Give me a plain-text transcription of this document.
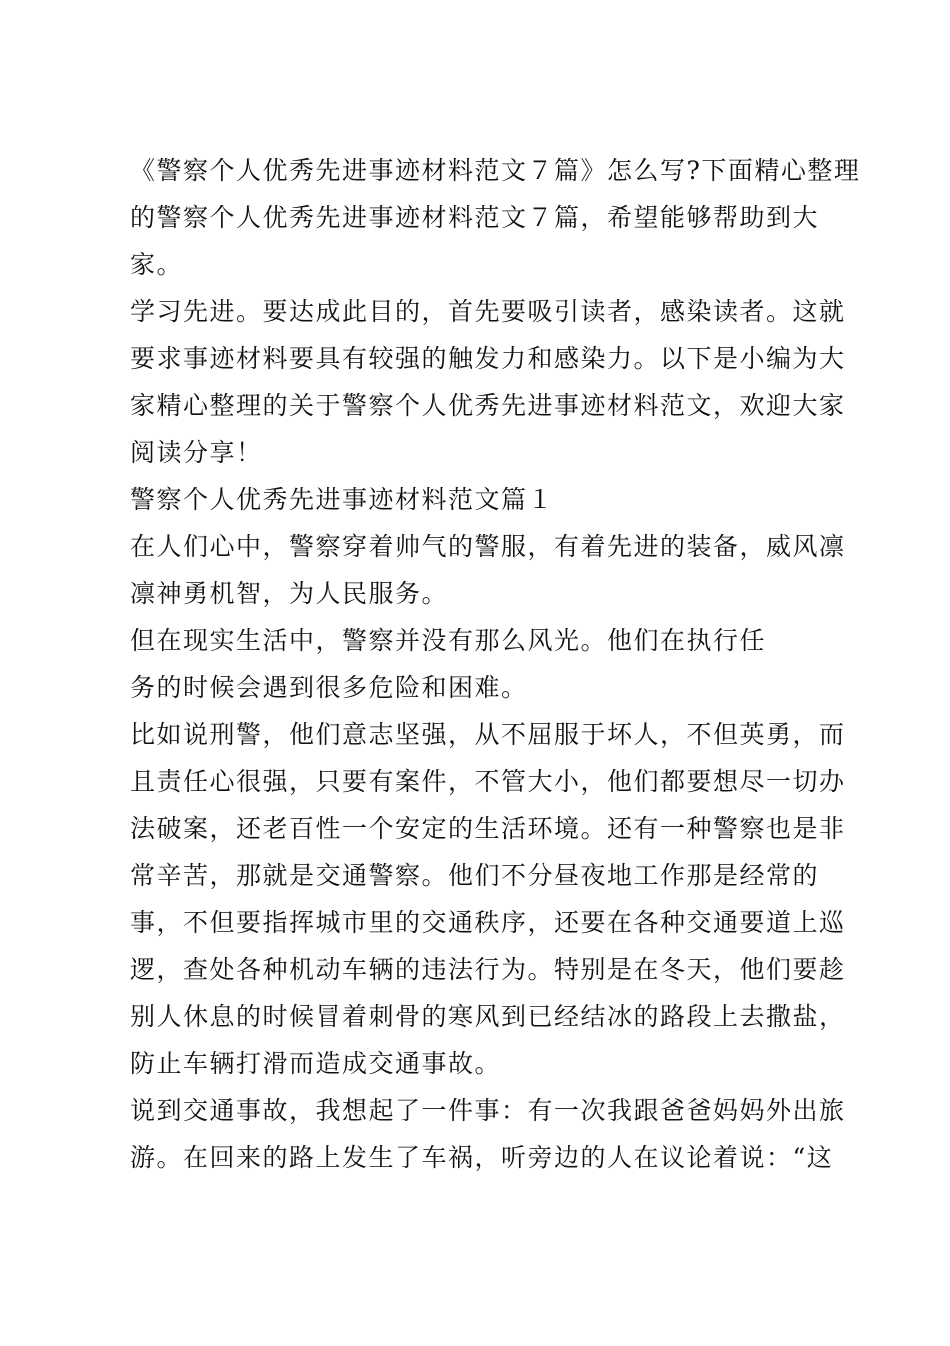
《警察个人优秀先进事迹材料范文７篇》怎么写?下面精心整理

的警察个人优秀先进事迹材料范文７篇，希望能够帮助到大

家。

学习先进。要达成此目的，首先要吸引读者，感染读者。这就

要求事迹材料要具有较强的触发力和感染力。以下是小编为大

家精心整理的关于警察个人优秀先进事迹材料范文，欢迎大家

阅读分享！

警察个人优秀先进事迹材料范文篇１

在人们心中，警察穿着帅气的警服，有着先进的装备，威风凛

凛神勇机智，为人民服务。

但在现实生活中，警察并没有那么风光。他们在执行任

务的时候会遇到很多危险和困难。

比如说刑警，他们意志坚强，从不屈服于坏人，不但英勇，而

且责任心很强，只要有案件，不管大小，他们都要想尽一切办

法破案，还老百性一个安定的生活环境。还有一种警察也是非

常辛苦，那就是交通警察。他们不分昼夜地工作那是经常的

事，不但要指挥城市里的交通秩序，还要在各种交通要道上巡

逻，查处各种机动车辆的违法行为。特别是在冬天，他们要趁

别人休息的时候冒着刺骨的寒风到已经结冰的路段上去撒盐，

防止车辆打滑而造成交通事故。

说到交通事故，我想起了一件事：有一次我跟爸爸妈妈外出旅

游。在回来的路上发生了车祸，听旁边的人在议论着说：“这
